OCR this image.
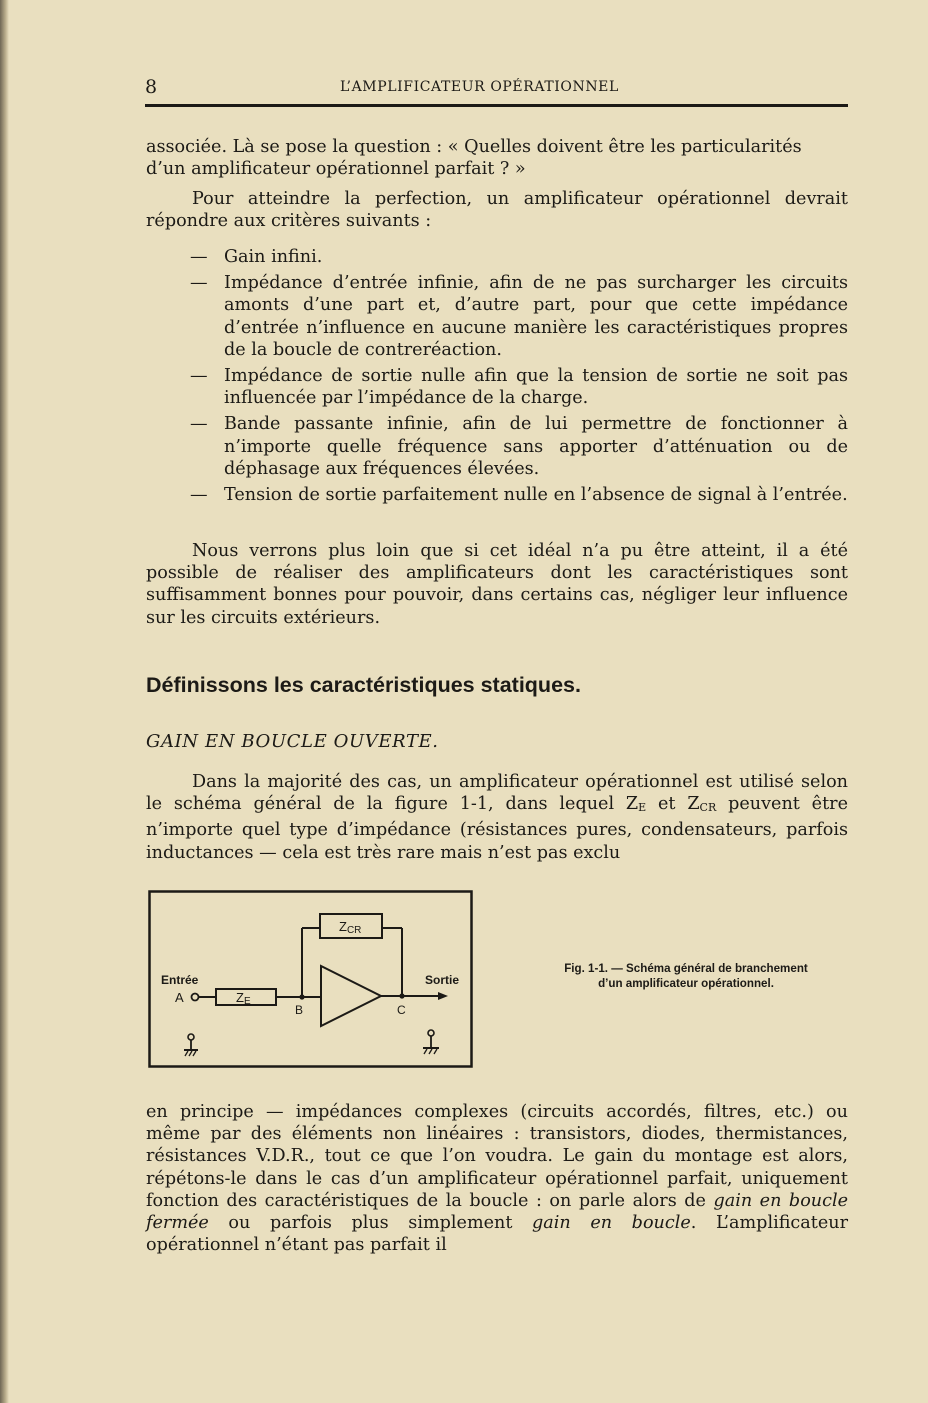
8	L’AMPLIFICATEUR OPÉRATIONNEL
associée. Là se pose la question : « Quelles doivent être les particularités
d’un amplificateur opérationnel parfait ? »
Pour atteindre la perfection, un amplificateur opérationnel devrait répondre aux critères suivants :
— Gain infini.
— Impédance d’entrée infinie, afin de ne pas surcharger les circuits amonts d’une part et, d’autre part, pour que cette impédance d’entrée n’influence en aucune manière les caractéristiques propres de la boucle de contreréaction.
— Impédance de sortie nulle afin que la tension de sortie ne soit pas influencée par l’impédance de la charge.
— Bande passante infinie, afin de lui permettre de fonctionner à n’importe quelle fréquence sans apporter d’atténuation ou de déphasage aux fréquences élevées.
— Tension de sortie parfaitement nulle en l’absence de signal à l’entrée.
Nous verrons plus loin que si cet idéal n’a pu être atteint, il a été possible de réaliser des amplificateurs dont les caractéristiques sont suffisamment bonnes pour pouvoir, dans certains cas, négliger leur influence sur les circuits extérieurs.
Définissons les caractéristiques statiques.
GAIN EN BOUCLE OUVERTE.
Dans la majorité des cas, un amplificateur opérationnel est utilisé selon le schéma général de la figure 1-1, dans lequel $Z_E$ et $Z_{CR}$ peuvent être n’importe quel type d’impédance (résistances pures, condensateurs, parfois inductances — cela est très rare mais n’est pas exclu
Entrée
A
B	C
Sortie
ZE
ZCR
Fig. 1-1. — Schéma général de branchement
d’un amplificateur opérationnel.
en principe — impédances complexes (circuits accordés, filtres, etc.) ou même par des éléments non linéaires : transistors, diodes, thermistances, résistances V.D.R., tout ce que l’on voudra. Le gain du montage est alors, répétons-le dans le cas d’un amplificateur opérationnel parfait, uniquement fonction des caractéristiques de la boucle : on parle alors de gain en boucle fermée ou parfois plus simplement gain en boucle. L’amplificateur opérationnel n’étant pas parfait il
